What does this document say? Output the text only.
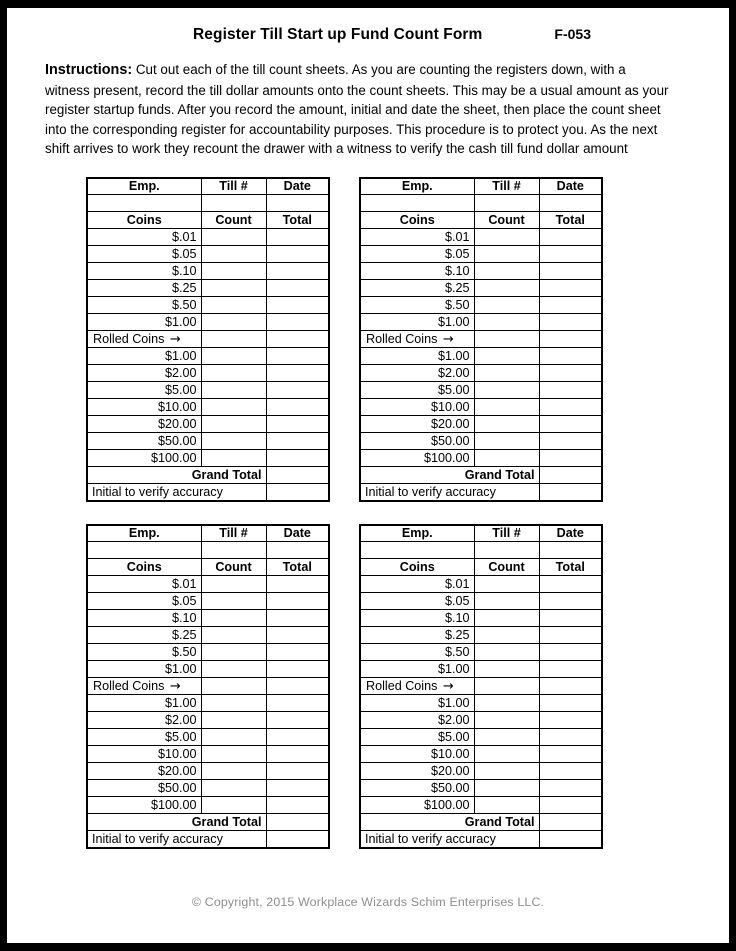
Register Till Start up Fund Count Form	F-053

Instructions: Cut out each of the till count sheets. As you are counting the registers down, with a witness present, record the till dollar amounts onto the count sheets. This may be a usual amount as your register startup funds. After you record the amount, initial and date the sheet, then place the count sheet into the corresponding register for accountability purposes. This procedure is to protect you. As the next shift arrives to work they recount the drawer with a witness to verify the cash till fund dollar amount

Emp.	Till #	Date

Coins	Count	Total
$.01		
$.05		
$.10		
$.25		
$.50		
$1.00		
Rolled Coins →		
$1.00		
$2.00		
$5.00		
$10.00		
$20.00		
$50.00		
$100.00		
Grand Total		
Initial to verify accuracy		
Emp.	Till #	Date

Coins	Count	Total
$.01		
$.05		
$.10		
$.25		
$.50		
$1.00		
Rolled Coins →		
$1.00		
$2.00		
$5.00		
$10.00		
$20.00		
$50.00		
$100.00		
Grand Total		
Initial to verify accuracy		
Emp.	Till #	Date

Coins	Count	Total
$.01		
$.05		
$.10		
$.25		
$.50		
$1.00		
Rolled Coins →		
$1.00		
$2.00		
$5.00		
$10.00		
$20.00		
$50.00		
$100.00		
Grand Total		
Initial to verify accuracy		
Emp.	Till #	Date

Coins	Count	Total
$.01		
$.05		
$.10		
$.25		
$.50		
$1.00		
Rolled Coins →		
$1.00		
$2.00		
$5.00		
$10.00		
$20.00		
$50.00		
$100.00		
Grand Total		
Initial to verify accuracy		
© Copyright, 2015 Workplace Wizards Schim Enterprises LLC.
